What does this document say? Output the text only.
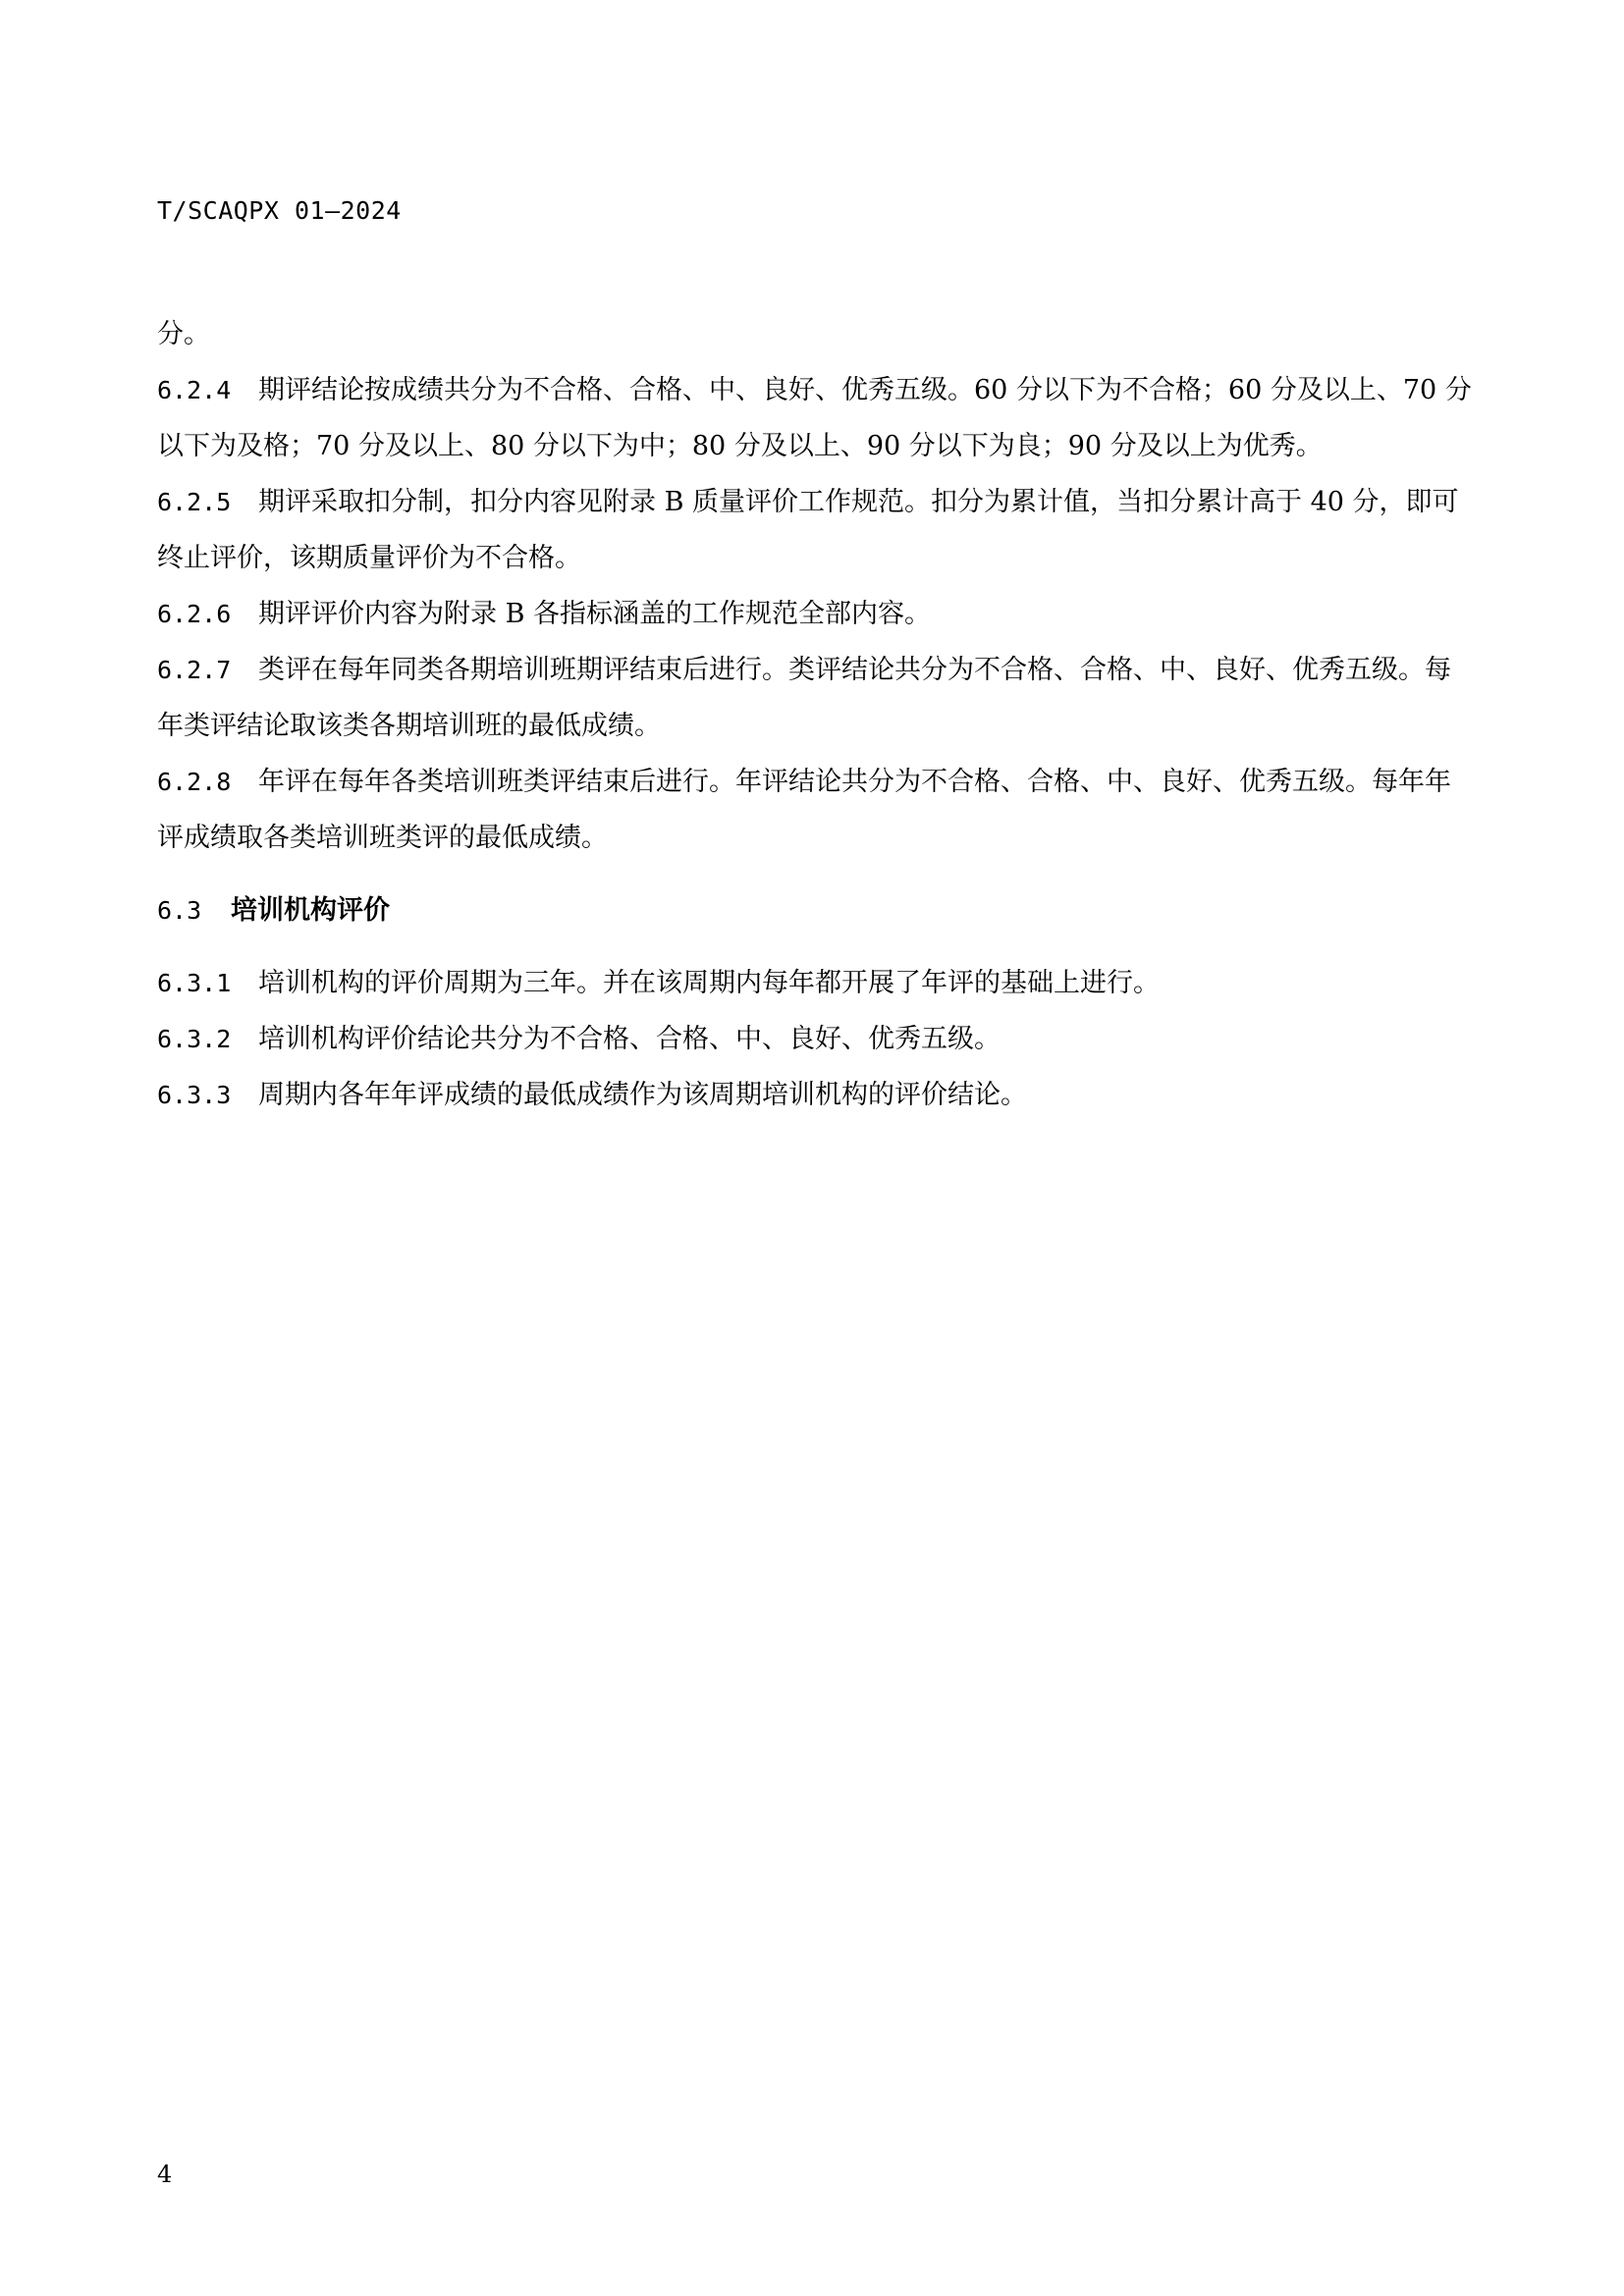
T/SCAQPX 01—2024

分。

6.2.4 期评结论按成绩共分为不合格、合格、中、良好、优秀五级。60 分以下为不合格；60 分及以上、70 分以下为及格；70 分及以上、80 分以下为中；80 分及以上、90 分以下为良；90 分及以上为优秀。

6.2.5 期评采取扣分制，扣分内容见附录 B 质量评价工作规范。扣分为累计值，当扣分累计高于 40 分，即可终止评价，该期质量评价为不合格。

6.2.6 期评评价内容为附录 B 各指标涵盖的工作规范全部内容。

6.2.7 类评在每年同类各期培训班期评结束后进行。类评结论共分为不合格、合格、中、良好、优秀五级。每年类评结论取该类各期培训班的最低成绩。

6.2.8 年评在每年各类培训班类评结束后进行。年评结论共分为不合格、合格、中、良好、优秀五级。每年年评成绩取各类培训班类评的最低成绩。

6.3 培训机构评价

6.3.1 培训机构的评价周期为三年。并在该周期内每年都开展了年评的基础上进行。

6.3.2 培训机构评价结论共分为不合格、合格、中、良好、优秀五级。

6.3.3 周期内各年年评成绩的最低成绩作为该周期培训机构的评价结论。

4
